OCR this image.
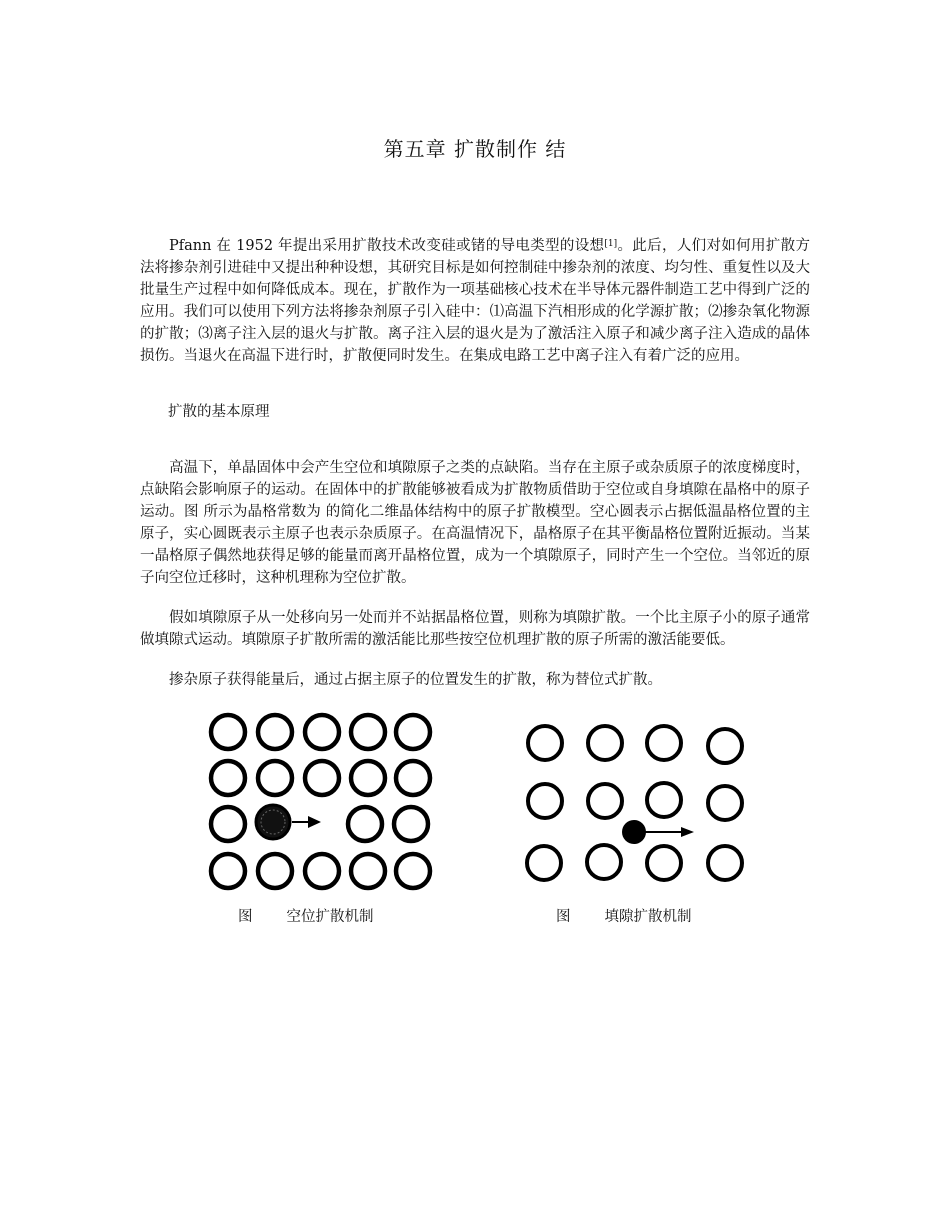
第五章 扩散制作 结

Pfann 在 1952 年提出采用扩散技术改变硅或锗的导电类型的设想[1]。此后，人们对如何用扩散方法将掺杂剂引进硅中又提出种种设想，其研究目标是如何控制硅中掺杂剂的浓度、均匀性、重复性以及大批量生产过程中如何降低成本。现在，扩散作为一项基础核心技术在半导体元器件制造工艺中得到广泛的应用。我们可以使用下列方法将掺杂剂原子引入硅中：⑴高温下汽相形成的化学源扩散；⑵掺杂氧化物源的扩散；⑶离子注入层的退火与扩散。离子注入层的退火是为了激活注入原子和减少离子注入造成的晶体损伤。当退火在高温下进行时，扩散便同时发生。在集成电路工艺中离子注入有着广泛的应用。

扩散的基本原理

高温下，单晶固体中会产生空位和填隙原子之类的点缺陷。当存在主原子或杂质原子的浓度梯度时，点缺陷会影响原子的运动。在固体中的扩散能够被看成为扩散物质借助于空位或自身填隙在晶格中的原子运动。图 所示为晶格常数为 的简化二维晶体结构中的原子扩散模型。空心圆表示占据低温晶格位置的主原子，实心圆既表示主原子也表示杂质原子。在高温情况下，晶格原子在其平衡晶格位置附近振动。当某一晶格原子偶然地获得足够的能量而离开晶格位置，成为一个填隙原子，同时产生一个空位。当邻近的原子向空位迁移时，这种机理称为空位扩散。

假如填隙原子从一处移向另一处而并不站据晶格位置，则称为填隙扩散。一个比主原子小的原子通常做填隙式运动。填隙原子扩散所需的激活能比那些按空位机理扩散的原子所需的激活能要低。

掺杂原子获得能量后，通过占据主原子的位置发生的扩散，称为替位式扩散。

图 空位扩散机制	图 填隙扩散机制
